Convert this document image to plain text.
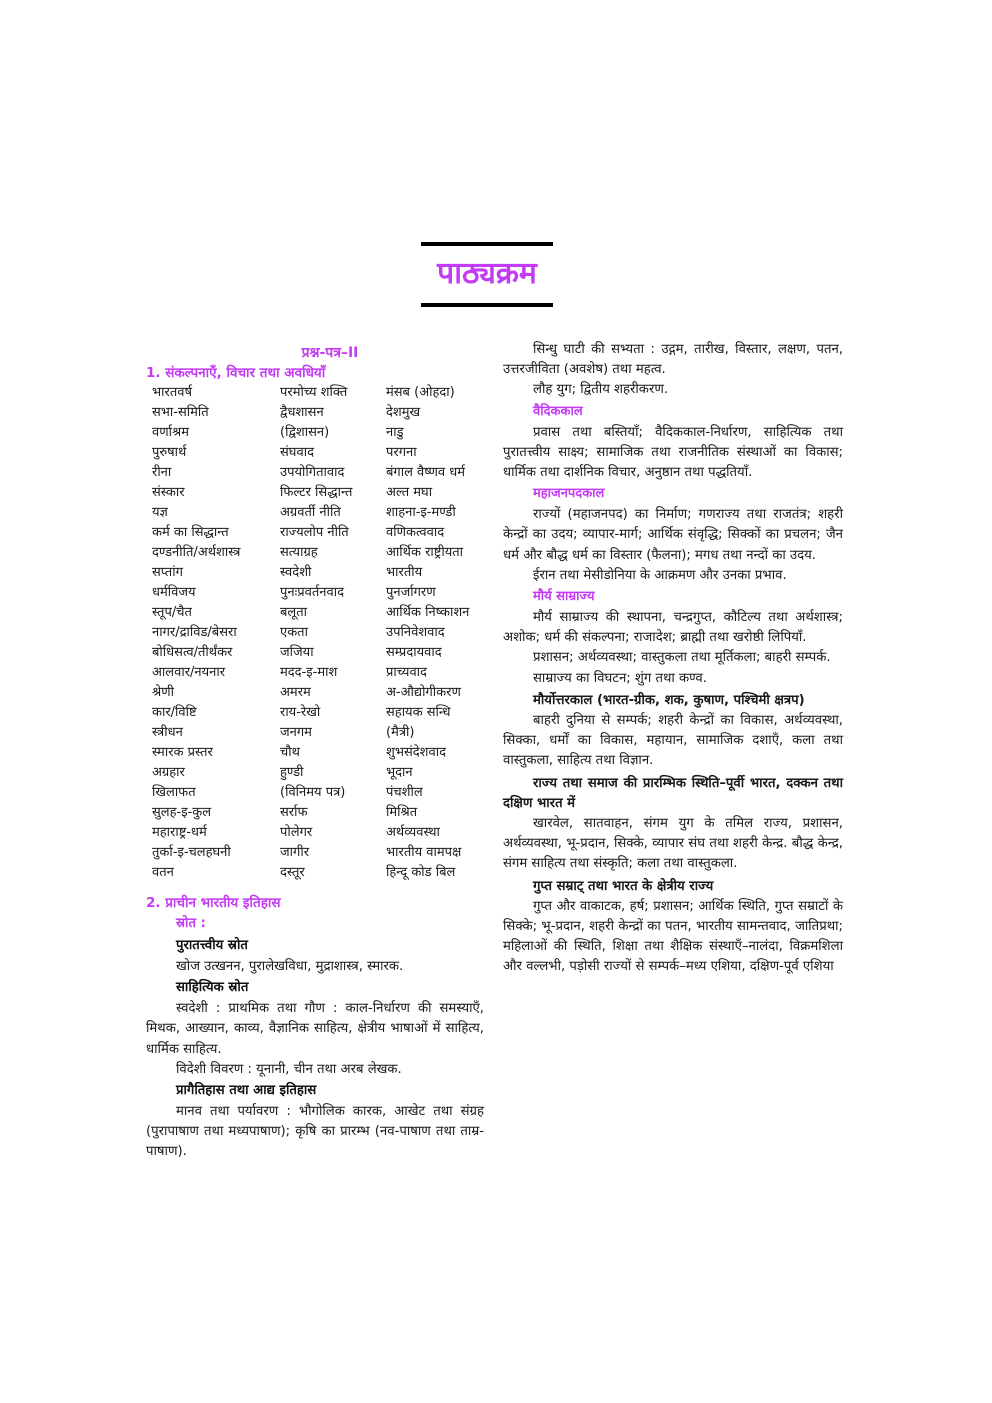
पाठ्यक्रम
प्रश्न-पत्र–II
1. संकल्पनाएँ, विचार तथा अवधियाँ
भारतवर्ष	परमोच्य शक्ति	मंसब (ओहदा)
सभा-समिति	द्वैधशासन	देशमुख
वर्णाश्रम	(द्विशासन)	नाडु
पुरुषार्थ	संघवाद	परगना
रीना	उपयोगितावाद	बंगाल वैष्णव धर्म
संस्कार	फिल्टर सिद्धान्त	अल्त मघा
यज्ञ	अग्रवर्ती नीति	शाहना-इ-मण्डी
कर्म का सिद्धान्त	राज्यलोप नीति	वणिकत्ववाद
दण्डनीति/अर्थशास्त्र	सत्याग्रह	आर्थिक राष्ट्रीयता
सप्तांग	स्वदेशी	भारतीय
धर्मविजय	पुनःप्रवर्तनवाद	पुनर्जागरण
स्तूप/चैत	बलूता	आर्थिक निष्काशन
नागर/द्राविड/बेसरा	एकता	उपनिवेशवाद
बोधिसत्व/तीर्थंकर	जजिया	सम्प्रदायवाद
आलवार/नयनार	मदद-इ-माश	प्राच्यवाद
श्रेणी	अमरम	अ-औद्योगीकरण
कार/विष्टि	राय-रेखो	सहायक सन्धि
स्त्रीधन	जनगम	(मैत्री)
स्मारक प्रस्तर	चौथ	शुभसंदेशवाद
अग्रहार	हुण्डी	भूदान
खिलाफत	(विनिमय पत्र)	पंचशील
सुलह-इ-कुल	सर्राफ	मिश्रित
महाराष्ट्र-धर्म	पोलेगर	अर्थव्यवस्था
तुर्का-इ-चलहघनी	जागीर	भारतीय वामपक्ष
वतन	दस्तूर	हिन्दू कोड बिल
2. प्राचीन भारतीय इतिहास
स्रोत :
पुरातत्त्वीय स्रोत

खोज उत्खनन, पुरालेखविधा, मुद्राशास्त्र, स्मारक.

साहित्यिक स्रोत

स्वदेशी : प्राथमिक तथा गौण : काल-निर्धारण की समस्याएँ, मिथक, आख्यान, काव्य, वैज्ञानिक साहित्य, क्षेत्रीय भाषाओं में साहित्य, धार्मिक साहित्य.

विदेशी विवरण : यूनानी, चीन तथा अरब लेखक.

प्रागैतिहास तथा आद्य इतिहास

मानव तथा पर्यावरण : भौगोलिक कारक, आखेट तथा संग्रह (पुरापाषाण तथा मध्यपाषाण); कृषि का प्रारम्भ (नव-पाषाण तथा ताम्र-पाषाण).

सिन्धु घाटी की सभ्यता : उद्गम, तारीख, विस्तार, लक्षण, पतन, उत्तरजीविता (अवशेष) तथा महत्व.

लौह युग; द्वितीय शहरीकरण.

वैदिककाल

प्रवास तथा बस्तियाँ; वैदिककाल-निर्धारण, साहित्यिक तथा पुरातत्त्वीय साक्ष्य; सामाजिक तथा राजनीतिक संस्थाओं का विकास; धार्मिक तथा दार्शनिक विचार, अनुष्ठान तथा पद्धतियाँ.

महाजनपदकाल

राज्यों (महाजनपद) का निर्माण; गणराज्य तथा राजतंत्र; शहरी केन्द्रों का उदय; व्यापार-मार्ग; आर्थिक संवृद्धि; सिक्कों का प्रचलन; जैन धर्म और बौद्ध धर्म का विस्तार (फैलना); मगध तथा नन्दों का उदय.

ईरान तथा मेसीडोनिया के आक्रमण और उनका प्रभाव.

मौर्य साम्राज्य

मौर्य साम्राज्य की स्थापना, चन्द्रगुप्त, कौटिल्य तथा अर्थशास्त्र; अशोक; धर्म की संकल्पना; राजादेश; ब्राह्मी तथा खरोष्ठी लिपियाँ.

प्रशासन; अर्थव्यवस्था; वास्तुकला तथा मूर्तिकला; बाहरी सम्पर्क.

साम्राज्य का विघटन; शुंग तथा कण्व.

मौर्योत्तरकाल (भारत-ग्रीक, शक, कुषाण, पश्चिमी क्षत्रप)

बाहरी दुनिया से सम्पर्क; शहरी केन्द्रों का विकास, अर्थव्यवस्था, सिक्का, धर्मों का विकास, महायान, सामाजिक दशाएँ, कला तथा वास्तुकला, साहित्य तथा विज्ञान.

राज्य तथा समाज की प्रारम्भिक स्थिति–पूर्वी भारत, दक्कन तथा दक्षिण भारत में

खारवेल, सातवाहन, संगम युग के तमिल राज्य, प्रशासन, अर्थव्यवस्था, भू-प्रदान, सिक्के, व्यापार संघ तथा शहरी केन्द्र. बौद्ध केन्द्र, संगम साहित्य तथा संस्कृति; कला तथा वास्तुकला.

गुप्त सम्राट् तथा भारत के क्षेत्रीय राज्य

गुप्त और वाकाटक, हर्ष; प्रशासन; आर्थिक स्थिति, गुप्त सम्राटों के सिक्के; भू-प्रदान, शहरी केन्द्रों का पतन, भारतीय सामन्तवाद, जातिप्रथा; महिलाओं की स्थिति, शिक्षा तथा शैक्षिक संस्थाएँ–नालंदा, विक्रमशिला और वल्लभी, पड़ोसी राज्यों से सम्पर्क–मध्य एशिया, दक्षिण-पूर्व एशिया
